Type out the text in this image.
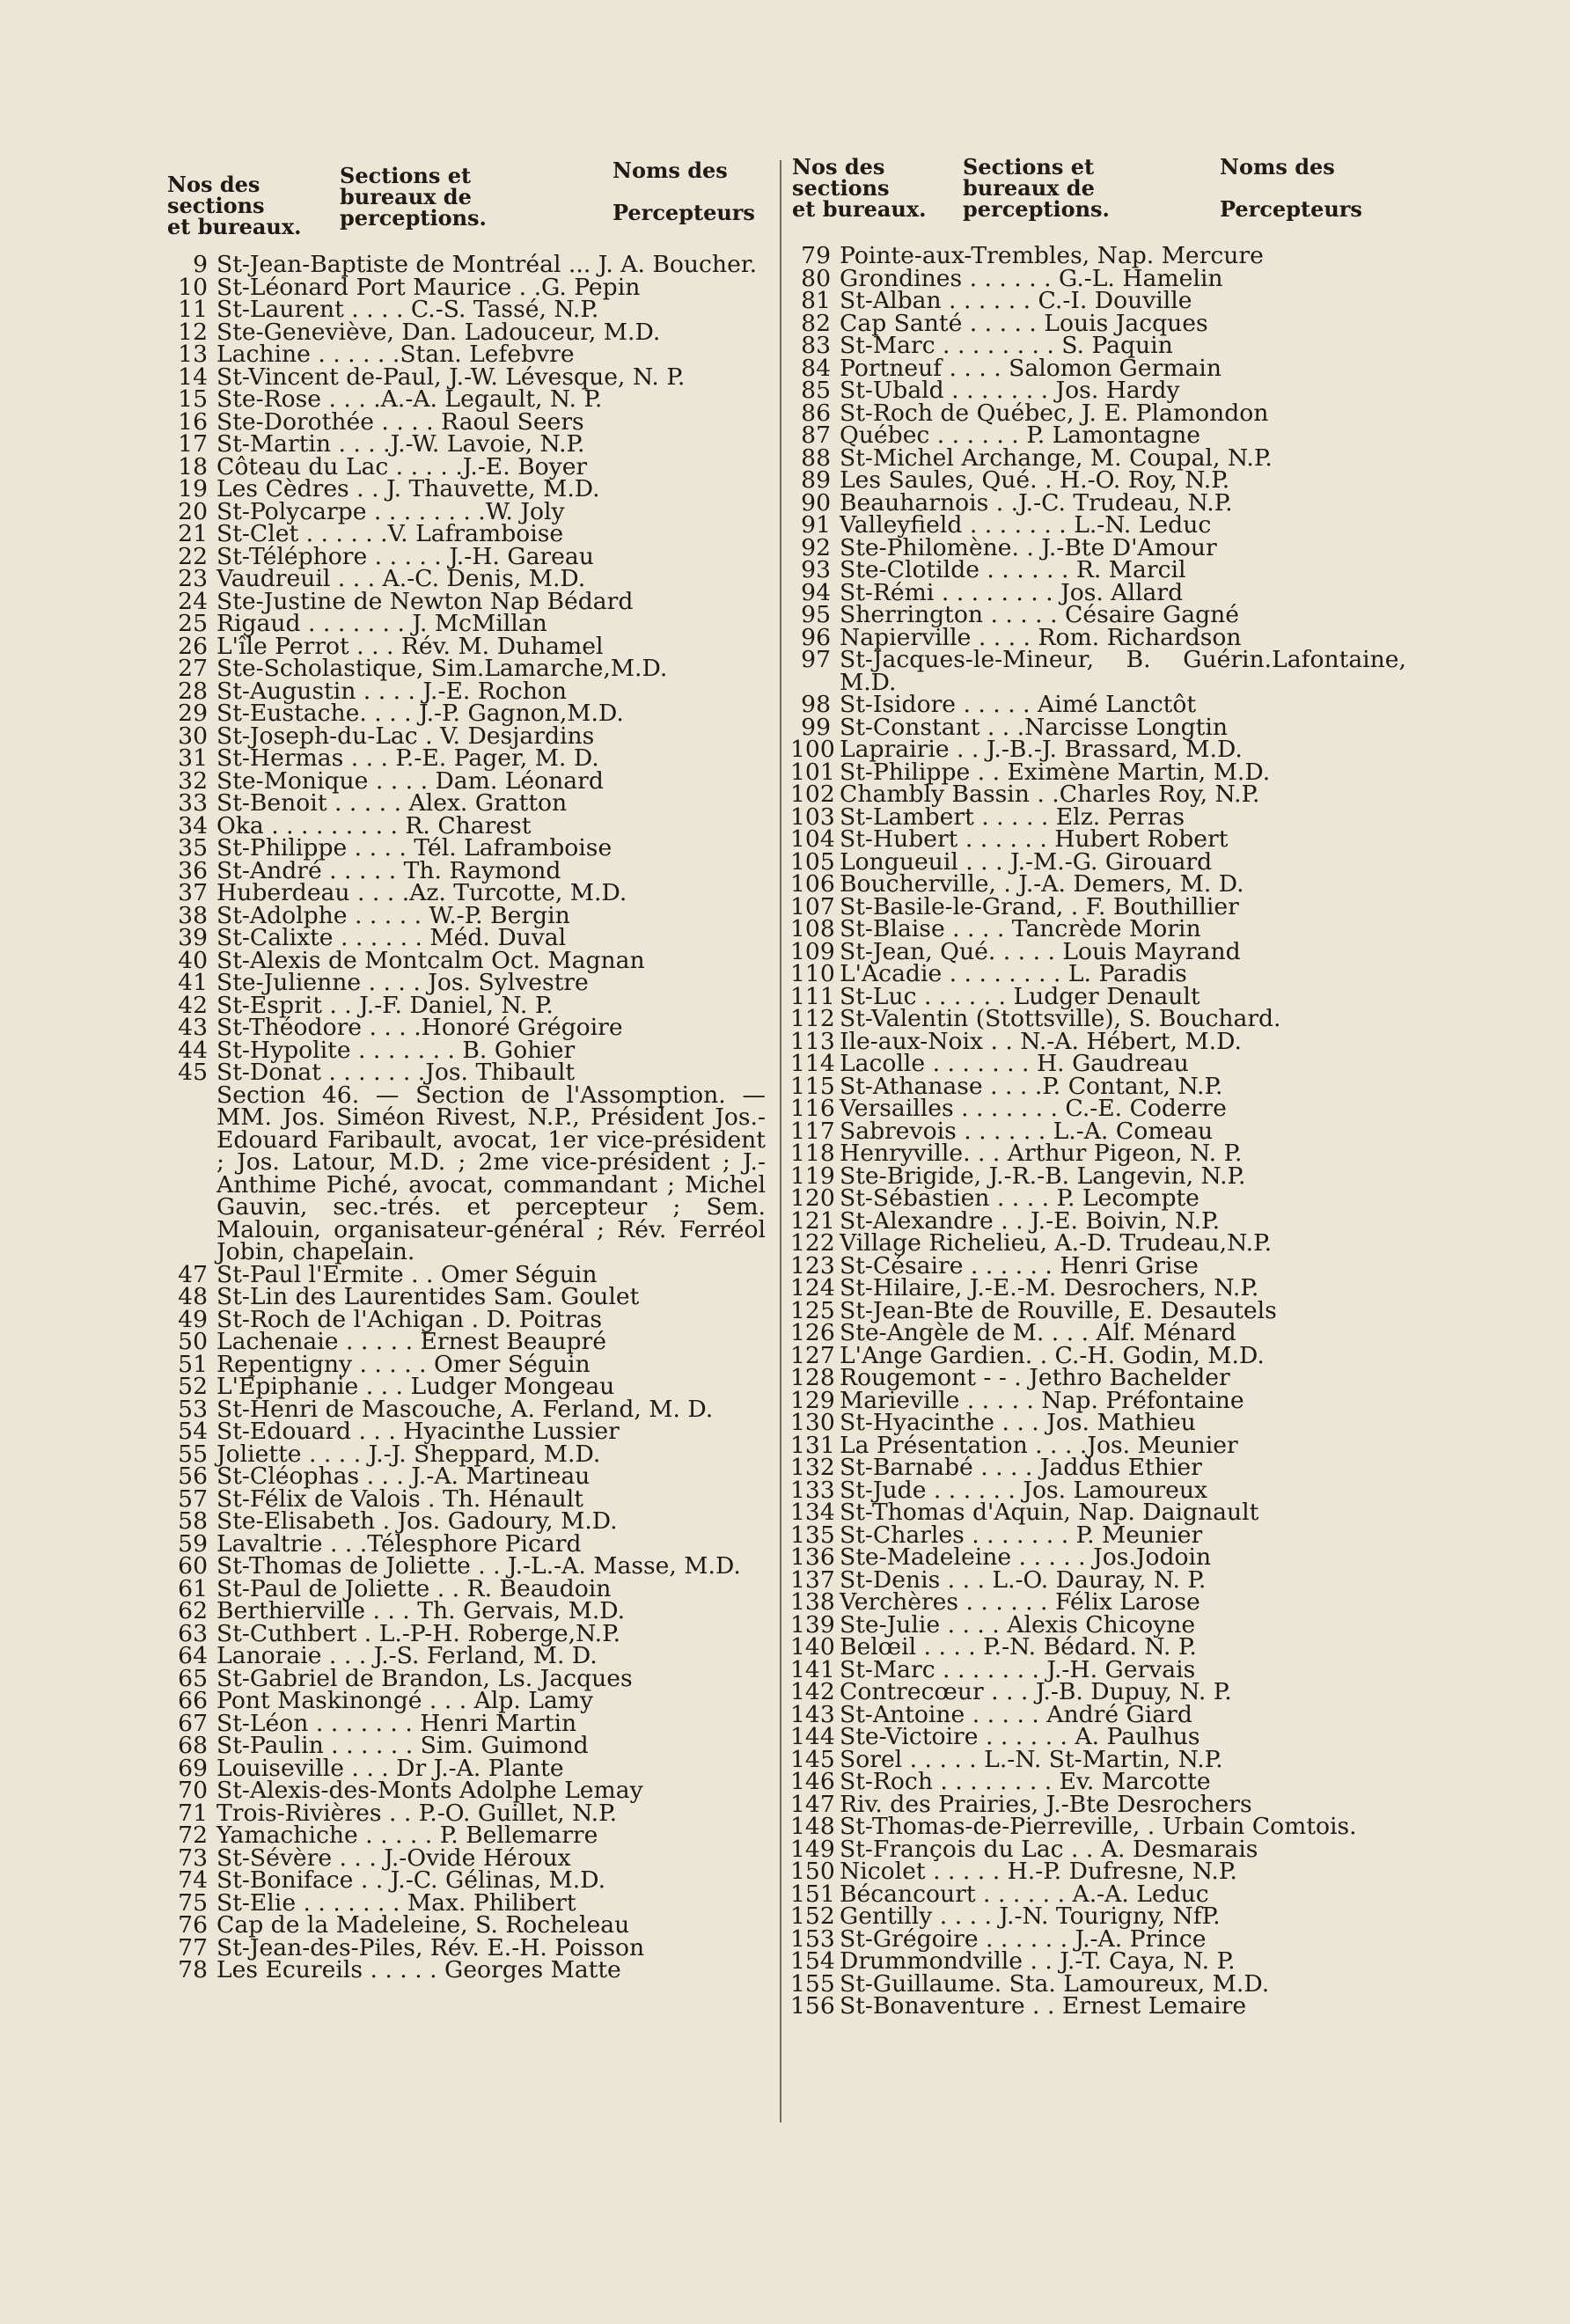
Nos des
sections
et bureaux.
Sections et
bureaux de
perceptions.
Noms des
Percepteurs
9 St-Jean-Baptiste de Montréal ... J. A. Boucher.
10 St-Léonard Port Maurice . .G. Pepin
11 St-Laurent . . . . C.-S. Tassé, N.P.
12 Ste-Geneviève, Dan. Ladouceur, M.D.
13 Lachine . . . . . .Stan. Lefebvre
14 St-Vincent de-Paul, J.-W. Lévesque, N. P.
15 Ste-Rose . . . .A.-A. Legault, N. P.
16 Ste-Dorothée . . . . Raoul Seers
17 St-Martin . . . .J.-W. Lavoie, N.P.
18 Côteau du Lac . . . . .J.-E. Boyer
19 Les Cèdres . . J. Thauvette, M.D.
20 St-Polycarpe . . . . . . . .W. Joly
21 St-Clet . . . . . .V. Laframboise
22 St-Téléphore . . . . . J.-H. Gareau
23 Vaudreuil . . . A.-C. Denis, M.D.
24 Ste-Justine de Newton Nap Bédard
25 Rigaud . . . . . . . J. McMillan
26 L'île Perrot . . . Rév. M. Duhamel
27 Ste-Scholastique, Sim.Lamarche,M.D.
28 St-Augustin . . . . J.-E. Rochon
29 St-Eustache. . . . J.-P. Gagnon,M.D.
30 St-Joseph-du-Lac . V. Desjardins
31 St-Hermas . . . P.-E. Pager, M. D.
32 Ste-Monique . . . . Dam. Léonard
33 St-Benoit . . . . . Alex. Gratton
34 Oka . . . . . . . . . R. Charest
35 St-Philippe . . . . Tél. Laframboise
36 St-André . . . . . Th. Raymond
37 Huberdeau . . . .Az. Turcotte, M.D.
38 St-Adolphe . . . . . W.-P. Bergin
39 St-Calixte . . . . . . Méd. Duval
40 St-Alexis de Montcalm Oct. Magnan
41 Ste-Julienne . . . . Jos. Sylvestre
42 St-Esprit . . J.-F. Daniel, N. P.
43 St-Théodore . . . .Honoré Grégoire
44 St-Hypolite . . . . . . . B. Gohier
45 St-Donat . . . . . . .Jos. Thibault
Section 46. — Section de l'Assomption. —MM. Jos. Siméon Rivest, N.P., Président Jos.-Edouard Faribault, avocat, 1er vice-président ; Jos. Latour, M.D. ; 2me vice-président ; J.-Anthime Piché, avocat, commandant ; Michel Gauvin, sec.-trés. et percepteur ; Sem. Malouin, organisateur-général ; Rév. Ferréol Jobin, chapelain.
47 St-Paul l'Ermite . . Omer Séguin
48 St-Lin des Laurentides Sam. Goulet
49 St-Roch de l'Achigan . D. Poitras
50 Lachenaie . . . . . Ernest Beaupré
51 Repentigny . . . . . Omer Séguin
52 L'Epiphanie . . . Ludger Mongeau
53 St-Henri de Mascouche, A. Ferland, M. D.
54 St-Edouard . . . Hyacinthe Lussier
55 Joliette . . . . J.-J. Sheppard, M.D.
56 St-Cléophas . . . J.-A. Martineau
57 St-Félix de Valois . Th. Hénault
58 Ste-Elisabeth . Jos. Gadoury, M.D.
59 Lavaltrie . . .Télesphore Picard
60 St-Thomas de Joliette . . J.-L.-A. Masse, M.D.
61 St-Paul de Joliette . . R. Beaudoin
62 Berthierville . . . Th. Gervais, M.D.
63 St-Cuthbert . L.-P-H. Roberge,N.P.
64 Lanoraie . . . J.-S. Ferland, M. D.
65 St-Gabriel de Brandon, Ls. Jacques
66 Pont Maskinongé . . . Alp. Lamy
67 St-Léon . . . . . . . Henri Martin
68 St-Paulin . . . . . . Sim. Guimond
69 Louiseville . . . Dr J.-A. Plante
70 St-Alexis-des-Monts Adolphe Lemay
71 Trois-Rivières . . P.-O. Guillet, N.P.
72 Yamachiche . . . . . P. Bellemarre
73 St-Sévère . . . J.-Ovide Héroux
74 St-Boniface . . J.-C. Gélinas, M.D.
75 St-Elie . . . . . . . Max. Philibert
76 Cap de la Madeleine, S. Rocheleau
77 St-Jean-des-Piles, Rév. E.-H. Poisson
78 Les Ecureils . . . . . Georges Matte
Nos des
sections
et bureaux.
Sections et
bureaux de
perceptions.
Noms des
Percepteurs
79 Pointe-aux-Trembles, Nap. Mercure
80 Grondines . . . . . . G.-L. Hamelin
81 St-Alban . . . . . . C.-I. Douville
82 Cap Santé . . . . . Louis Jacques
83 St-Marc . . . . . . . . S. Paquin
84 Portneuf . . . . Salomon Germain
85 St-Ubald . . . . . . . Jos. Hardy
86 St-Roch de Québec, J. E. Plamondon
87 Québec . . . . . . P. Lamontagne
88 St-Michel Archange, M. Coupal, N.P.
89 Les Saules, Qué. . H.-O. Roy, N.P.
90 Beauharnois . .J.-C. Trudeau, N.P.
91 Valleyfield . . . . . . . L.-N. Leduc
92 Ste-Philomène. . J.-Bte D'Amour
93 Ste-Clotilde . . . . . . R. Marcil
94 St-Rémi . . . . . . . . Jos. Allard
95 Sherrington . . . . . Césaire Gagné
96 Napierville . . . . Rom. Richardson
97 St-Jacques-le-Mineur, B. Guérin.Lafontaine, M.D.
98 St-Isidore . . . . . Aimé Lanctôt
99 St-Constant . . .Narcisse Longtin
100 Laprairie . . J.-B.-J. Brassard, M.D.
101 St-Philippe . . Eximène Martin, M.D.
102 Chambly Bassin . .Charles Roy, N.P.
103 St-Lambert . . . . . Elz. Perras
104 St-Hubert . . . . . . Hubert Robert
105 Longueuil . . . J.-M.-G. Girouard
106 Boucherville, . J.-A. Demers, M. D.
107 St-Basile-le-Grand, . F. Bouthillier
108 St-Blaise . . . . Tancrède Morin
109 St-Jean, Qué. . . . . Louis Mayrand
110 L'Acadie . . . . . . . . L. Paradis
111 St-Luc . . . . . . Ludger Denault
112 St-Valentin (Stottsville), S. Bouchard.
113 Ile-aux-Noix . . N.-A. Hébert, M.D.
114 Lacolle . . . . . . . H. Gaudreau
115 St-Athanase . . . .P. Contant, N.P.
116 Versailles . . . . . . . C.-E. Coderre
117 Sabrevois . . . . . . L.-A. Comeau
118 Henryville. . . Arthur Pigeon, N. P.
119 Ste-Brigide, J.-R.-B. Langevin, N.P.
120 St-Sébastien . . . . P. Lecompte
121 St-Alexandre . . J.-E. Boivin, N.P.
122 Village Richelieu, A.-D. Trudeau,N.P.
123 St-Césaire . . . . . . Henri Grise
124 St-Hilaire, J.-E.-M. Desrochers, N.P.
125 St-Jean-Bte de Rouville, E. Desautels
126 Ste-Angèle de M. . . . Alf. Ménard
127 L'Ange Gardien. . C.-H. Godin, M.D.
128 Rougemont - - . Jethro Bachelder
129 Marieville . . . . . Nap. Préfontaine
130 St-Hyacinthe . . . Jos. Mathieu
131 La Présentation . . . .Jos. Meunier
132 St-Barnabé . . . . Jaddus Ethier
133 St-Jude . . . . . . Jos. Lamoureux
134 St-Thomas d'Aquin, Nap. Daignault
135 St-Charles . . . . . . . P. Meunier
136 Ste-Madeleine . . . . . Jos.Jodoin
137 St-Denis . . . L.-O. Dauray, N. P.
138 Verchères . . . . . . Félix Larose
139 Ste-Julie . . . . Alexis Chicoyne
140 Belœil . . . . P.-N. Bédard. N. P.
141 St-Marc . . . . . . . J.-H. Gervais
142 Contrecœur . . . J.-B. Dupuy, N. P.
143 St-Antoine . . . . . André Giard
144 Ste-Victoire . . . . . . A. Paulhus
145 Sorel . . . . . L.-N. St-Martin, N.P.
146 St-Roch . . . . . . . . Ev. Marcotte
147 Riv. des Prairies, J.-Bte Desrochers
148 St-Thomas-de-Pierreville, . Urbain Comtois.
149 St-François du Lac . . A. Desmarais
150 Nicolet . . . . . H.-P. Dufresne, N.P.
151 Bécancourt . . . . . . A.-A. Leduc
152 Gentilly . . . . J.-N. Tourigny, NfP.
153 St-Grégoire . . . . . . J.-A. Prince
154 Drummondville . . J.-T. Caya, N. P.
155 St-Guillaume. Sta. Lamoureux, M.D.
156 St-Bonaventure . . Ernest Lemaire
